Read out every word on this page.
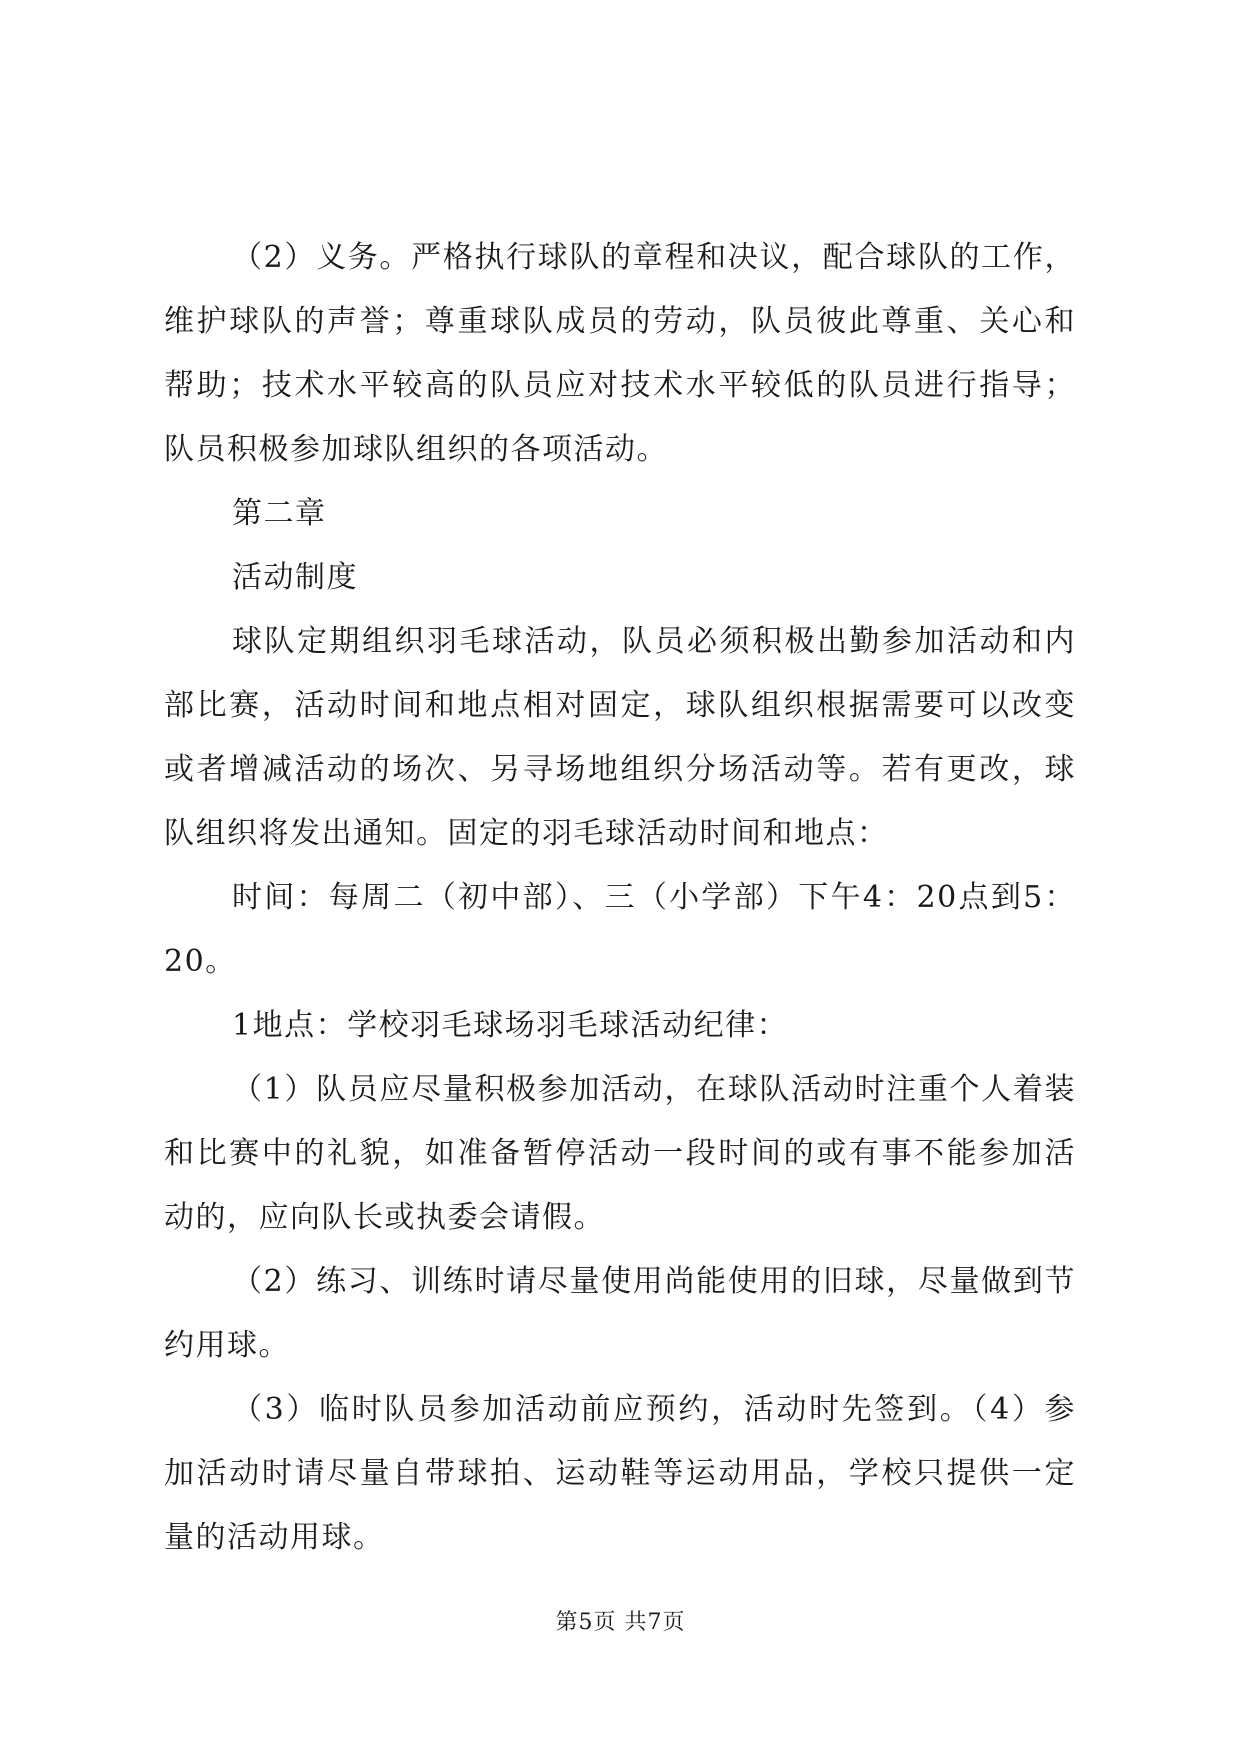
（2）义务。严格执行球队的章程和决议，配合球队的工作，维护球队的声誉；尊重球队成员的劳动，队员彼此尊重、关心和帮助；技术水平较高的队员应对技术水平较低的队员进行指导；队员积极参加球队组织的各项活动。

第二章

活动制度

球队定期组织羽毛球活动，队员必须积极出勤参加活动和内部比赛，活动时间和地点相对固定，球队组织根据需要可以改变或者增减活动的场次、另寻场地组织分场活动等。若有更改，球队组织将发出通知。固定的羽毛球活动时间和地点：

时间：每周二（初中部）、三（小学部）下午4：20点到5：20。

1地点：学校羽毛球场羽毛球活动纪律：

（1）队员应尽量积极参加活动，在球队活动时注重个人着装和比赛中的礼貌，如准备暂停活动一段时间的或有事不能参加活动的，应向队长或执委会请假。

（2）练习、训练时请尽量使用尚能使用的旧球，尽量做到节约用球。

（3）临时队员参加活动前应预约，活动时先签到。（4）参加活动时请尽量自带球拍、运动鞋等运动用品，学校只提供一定量的活动用球。

第5页 共7页
